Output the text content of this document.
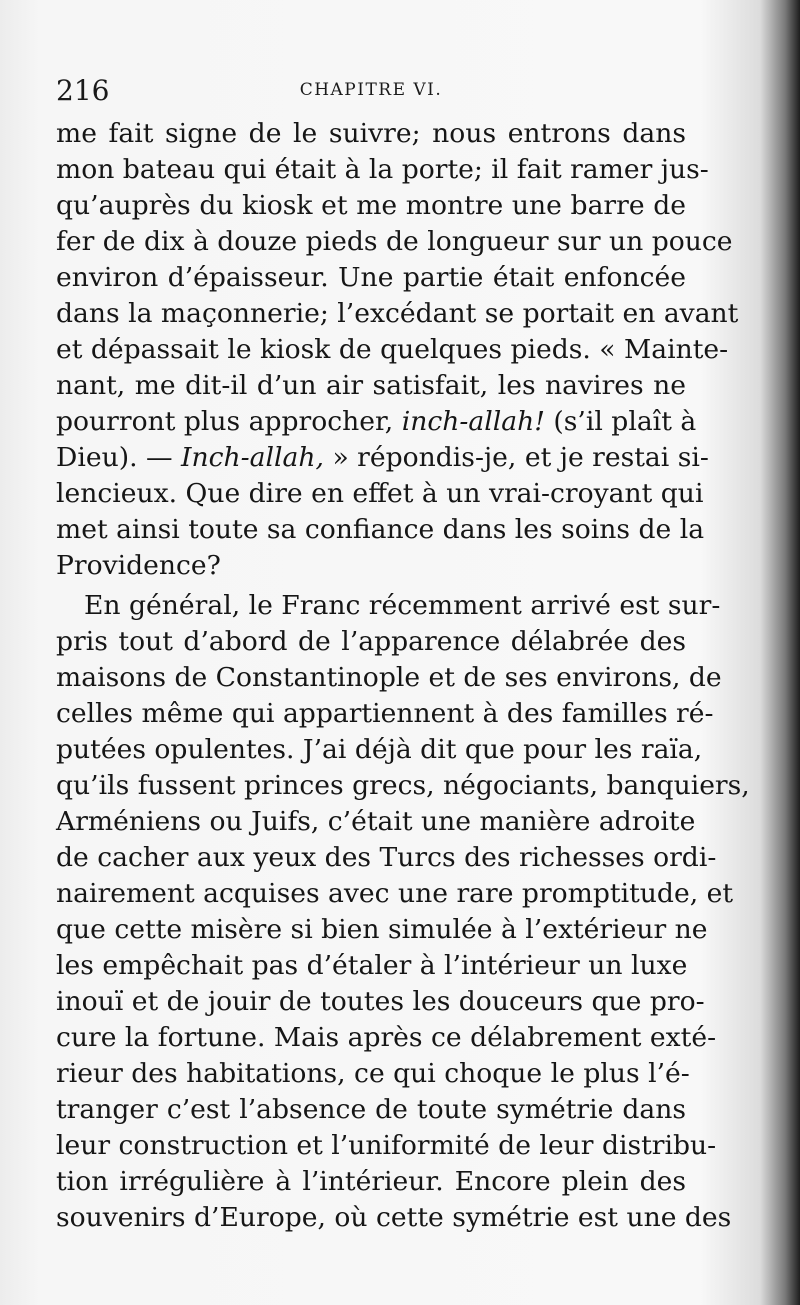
216	CHAPITRE VI.
me fait signe de le suivre; nous entrons dans
mon bateau qui était à la porte; il fait ramer jus-
qu’auprès du kiosk et me montre une barre de
fer de dix à douze pieds de longueur sur un pouce
environ d’épaisseur. Une partie était enfoncée
dans la maçonnerie; l’excédant se portait en avant
et dépassait le kiosk de quelques pieds. « Mainte-
nant, me dit-il d’un air satisfait, les navires ne
pourront plus approcher, inch-allah! (s’il plaît à
Dieu). — Inch-allah, » répondis-je, et je restai si-
lencieux. Que dire en effet à un vrai-croyant qui
met ainsi toute sa confiance dans les soins de la
Providence?
En général, le Franc récemment arrivé est sur-
pris tout d’abord de l’apparence délabrée des
maisons de Constantinople et de ses environs, de
celles même qui appartiennent à des familles ré-
putées opulentes. J’ai déjà dit que pour les raïa,
qu’ils fussent princes grecs, négociants, banquiers,
Arméniens ou Juifs, c’était une manière adroite
de cacher aux yeux des Turcs des richesses ordi-
nairement acquises avec une rare promptitude, et
que cette misère si bien simulée à l’extérieur ne
les empêchait pas d’étaler à l’intérieur un luxe
inouï et de jouir de toutes les douceurs que pro-
cure la fortune. Mais après ce délabrement exté-
rieur des habitations, ce qui choque le plus l’é-
tranger c’est l’absence de toute symétrie dans
leur construction et l’uniformité de leur distribu-
tion irrégulière à l’intérieur. Encore plein des
souvenirs d’Europe, où cette symétrie est une des
